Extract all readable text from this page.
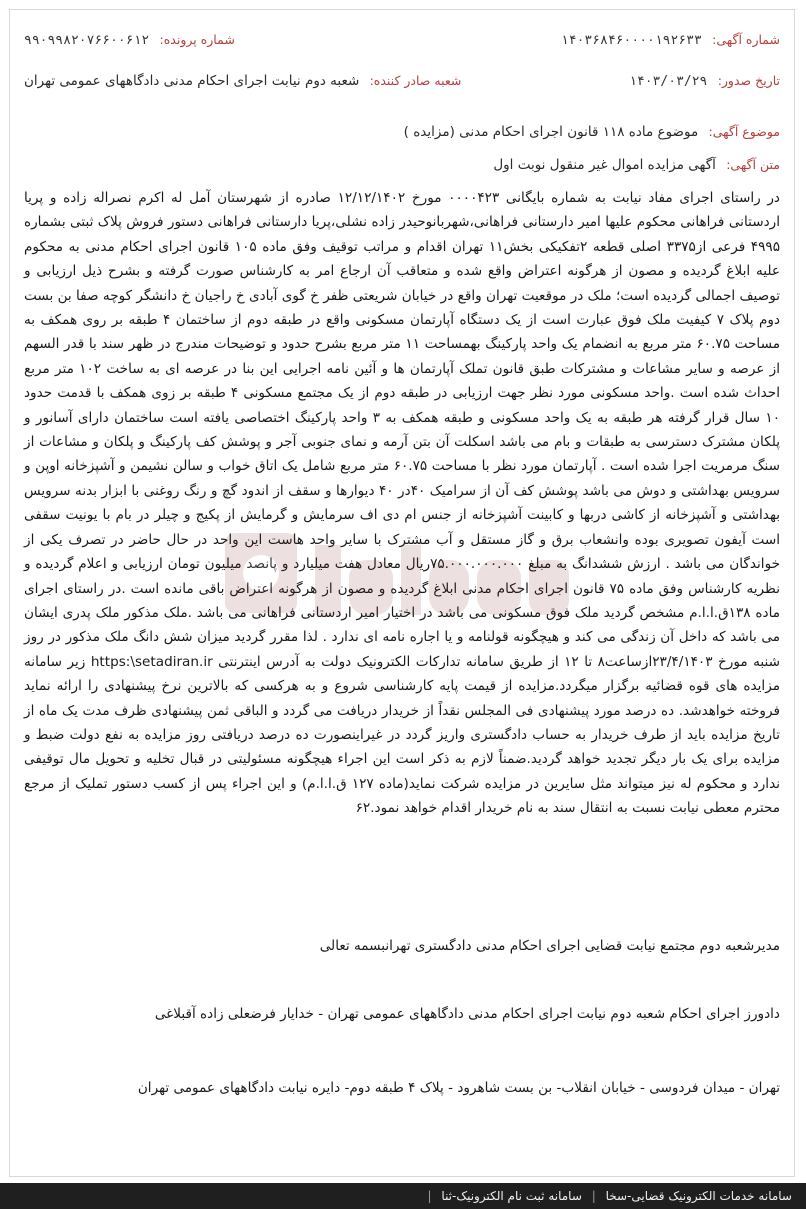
شماره آگهی: ۱۴۰۳۶۸۴۶۰۰۰۰۱۹۲۶۳۳
شماره پرونده: ۹۹۰۹۹۸۲۰۷۶۶۰۰۶۱۲
تاریخ صدور: ۱۴۰۳/۰۳/۲۹
شعبه صادر کننده: شعبه دوم نیابت اجرای احکام مدنی دادگاههای عمومی تهران
موضوع آگهی: موضوع ماده ۱۱۸ قانون اجرای احکام مدنی (مزایده )
متن آگهی: آگهی مزایده اموال غیر منقول نوبت اول
در راستای اجرای مفاد نیابت به شماره بایگانی ۰۰۰۰۴۲۳ مورخ ۱۲/۱۲/۱۴۰۲ صادره از شهرستان آمل له اکرم نصراله زاده و پریا اردستانی فراهانی محکوم علیها امیر دارستانی فراهانی،شهربانوحیدر زاده نشلی،پریا دارستانی فراهانی دستور فروش پلاک ثبتی بشماره ۴۹۹۵ فرعی از۳۳۷۵ اصلی قطعه ۲تفکیکی بخش۱۱ تهران اقدام و مراتب توقیف وفق ماده ۱۰۵ قانون اجرای احکام مدنی به محکوم علیه ابلاغ گردیده و مصون از هرگونه اعتراض واقع شده و متعاقب آن ارجاع امر به کارشناس صورت گرفته و بشرح ذیل ارزیابی و توصیف اجمالی گردیده است؛ ملک در موقعیت تهران واقع در خیابان شریعتی ظفر خ گوی آبادی خ راجیان خ دانشگر کوچه صفا بن بست دوم پلاک ۷ کیفیت ملک فوق عبارت است از یک دستگاه آپارتمان مسکونی واقع در طبقه دوم از ساختمان ۴ طبقه بر روی همکف به مساحت ۶۰.۷۵ متر مربع به انضمام یک واحد پارکینگ بهمساحت ۱۱ متر مربع بشرح حدود و توضیحات مندرج در ظهر سند با قدر السهم از عرصه و سایر مشاعات و مشترکات طبق قانون تملک آپارتمان ها و آئین نامه اجرایی این بنا در عرصه ای به ساخت ۱۰۲ متر مربع احداث شده است .واحد مسکونی مورد نظر جهت ارزیابی در طبقه دوم از یک مجتمع مسکونی ۴ طبقه بر زوی همکف با قدمت حدود ۱۰ سال قرار گرفته هر طبقه به یک واحد مسکونی و طبقه همکف به ۳ واحد پارکینگ اختصاصی یافته است ساختمان دارای آسانور و پلکان مشترک دسترسی به طبقات و بام می باشد اسکلت آن بتن آرمه و نمای جنوبی آجر و پوشش کف پارکینگ و پلکان و مشاعات از سنگ مرمریت اجرا شده است . آپارتمان مورد نظر با مساحت ۶۰.۷۵ متر مربع شامل یک اتاق خواب و سالن نشیمن و آشپزخانه اوپن و سرویس بهداشتی و دوش می باشد پوشش کف آن از سرامیک ۴۰در ۴۰ دیوارها و سقف از اندود گچ و رنگ روغنی با ابزار بدنه سرویس بهداشتی و آشپزخانه از کاشی دربها و کابینت آشپزخانه از جنس ام دی اف سرمایش و گرمایش از پکیج و چیلر در بام با یونیت سقفی است آیفون تصویری بوده وانشعاب برق و گاز مستقل و آب مشترک با سایر واحد هاست این واحد در حال حاضر در تصرف یکی از خواندگان می باشد . ارزش ششدانگ به مبلغ ۷۵.۰۰۰.۰۰۰.۰۰۰ریال معادل هفت میلیارد و پانصد میلیون تومان ارزیابی و اعلام گردیده و نظریه کارشناس وفق ماده ۷۵ قانون اجرای احکام مدنی ابلاغ گردیده و مصون از هرگونه اعتراض باقی مانده است .در راستای اجرای ماده ۱۳۸ق.ا.ا.م مشخص گردید ملک فوق مسکونی می باشد در اختیار امیر اردستانی فراهانی می باشد .ملک مذکور ملک پدری ایشان می باشد که داخل آن زندگی می کند و هیچگونه قولنامه و یا اجاره نامه ای ندارد . لذا مقرر گردید میزان شش دانگ ملک مذکور در روز شنبه مورخ ۲۳/۴/۱۴۰۳ازساعت۸ تا ۱۲ از طریق سامانه تدارکات الکترونیک دولت به آدرس اینترنتی https:\setadiran.ir زیر سامانه مزایده های قوه قضائیه برگزار میگردد.مزایده از قیمت پایه کارشناسی شروع و به هرکسی که بالاترین نرخ پیشنهادی را ارائه نماید فروخته خواهدشد. ده درصد مورد پیشنهادی فی المجلس نقداً از خریدار دریافت می گردد و الباقی ثمن پیشنهادی ظرف مدت یک ماه از تاریخ مزایده باید از طرف خریدار به حساب دادگستری واریز گردد در غیراینصورت ده درصد دریافتی روز مزایده به نفع دولت ضبط و مزایده برای یک بار دیگر تجدید خواهد گردید.ضمناً لازم به ذکر است این اجراء هیچگونه مسئولیتی در قبال تخلیه و تحویل مال توقیفی ندارد و محکوم له نیز میتواند مثل سایرین در مزایده شرکت نماید(ماده ۱۲۷ ق.ا.ا.م) و این اجراء پس از کسب دستور تملیک از مرجع محترم معطی نیابت نسبت به انتقال سند به نام خریدار اقدام خواهد نمود.۶۲
مدیرشعبه دوم مجتمع نیابت قضایی اجرای احکام مدنی دادگستری تهرانبسمه تعالی
دادورز اجرای احکام شعبه دوم نیابت اجرای احکام مدنی دادگاههای عمومی تهران - خدایار فرضعلی زاده آقبلاغی
تهران - میدان فردوسی - خیابان انقلاب- بن بست شاهرود - پلاک ۴ طبقه دوم- دایره نیابت دادگاههای عمومی تهران
سامانه خدمات الکترونیک قضایی-سخا | سامانه ثبت نام الکترونیک-ثنا |
